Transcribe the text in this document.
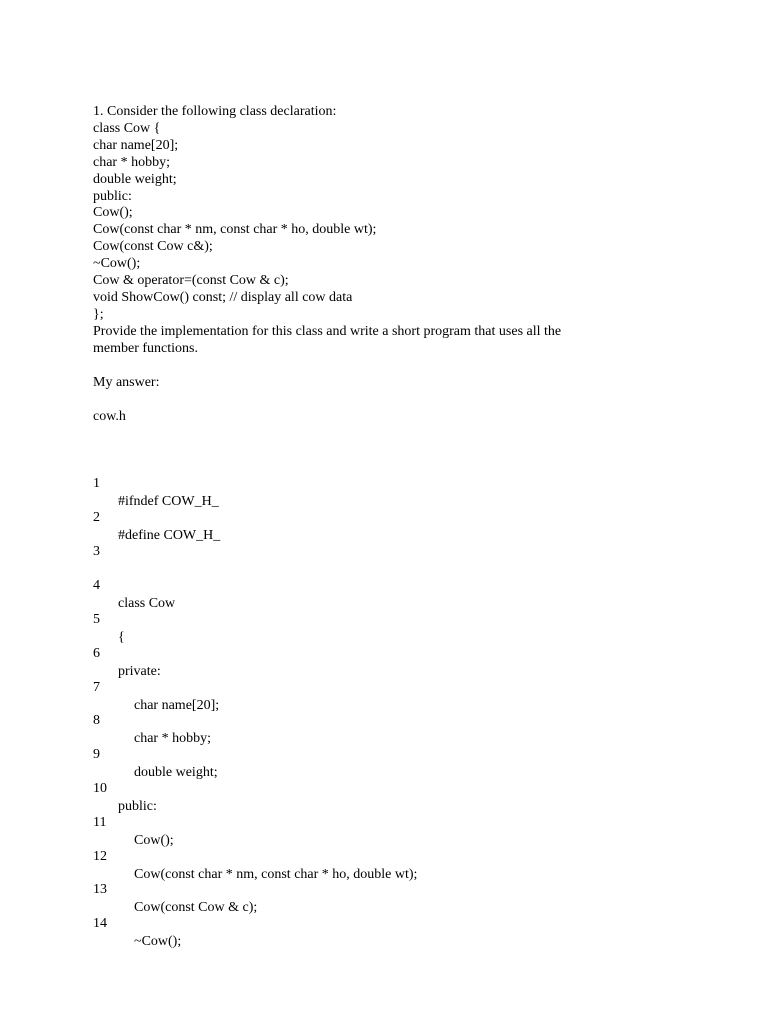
1. Consider the following class declaration:
class Cow {
char name[20];
char * hobby;
double weight;
public:
Cow();
Cow(const char * nm, const char * ho, double wt);
Cow(const Cow c&);
~Cow();
Cow & operator=(const Cow & c);
void ShowCow() const; // display all cow data
};
Provide the implementation for this class and write a short program that uses all the
member functions.
My answer:
cow.h

1

#ifndef COW_H_

2

#define COW_H_

3

4

class Cow

5

{

6

private:

7

char name[20];

8

char * hobby;

9

double weight;

10

public:

11

Cow();

12

Cow(const char * nm, const char * ho, double wt);

13

Cow(const Cow & c);

14

~Cow();
